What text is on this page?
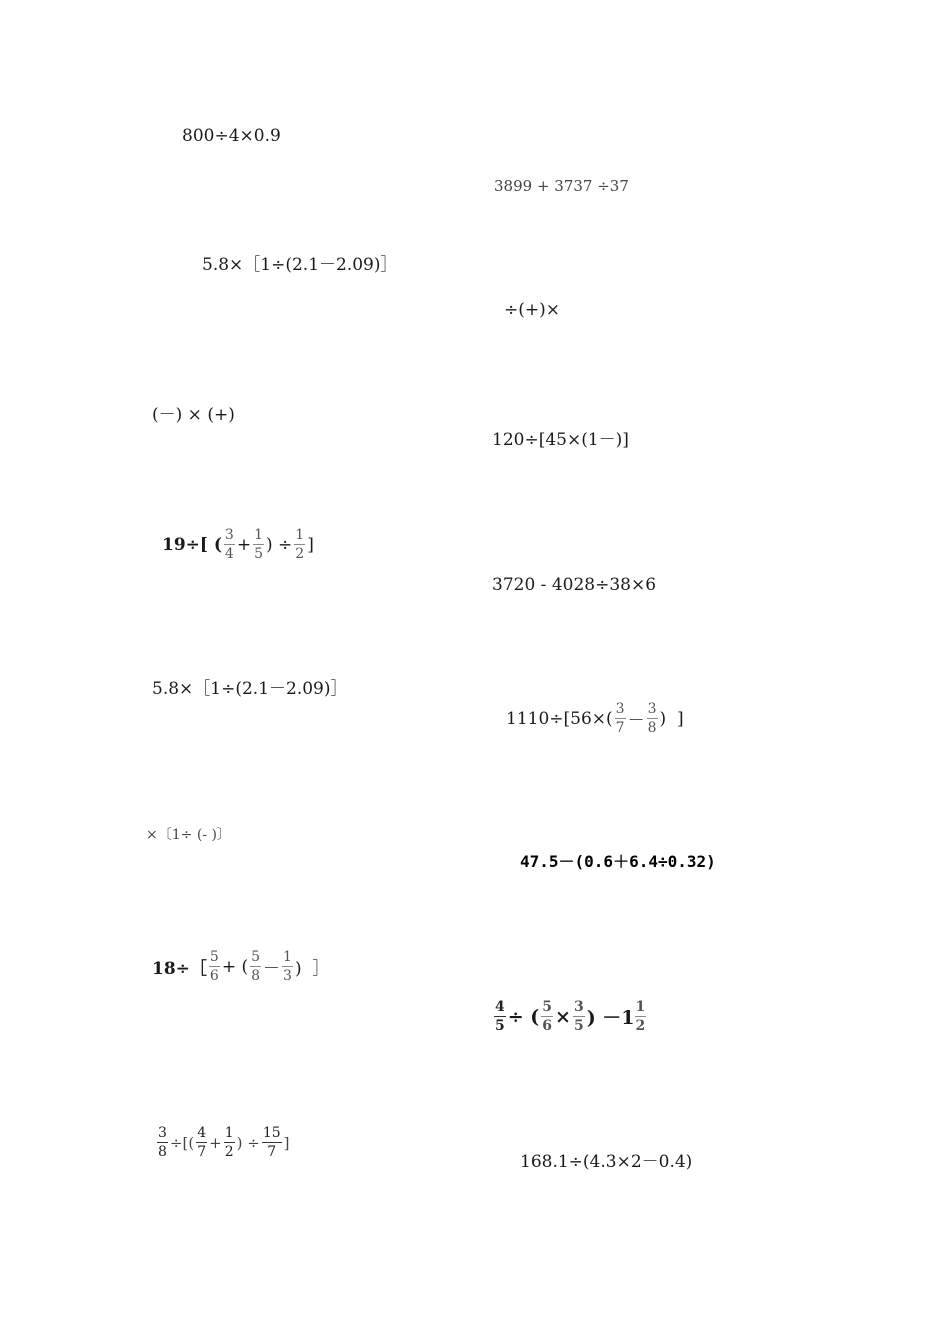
800÷4×0.9
3899 + 3737 ÷37
5.8×［1÷(2.1－2.09)］
÷(+)×
(－) × (+)
120÷[45×(1－)]
19÷[ ( $\frac{3}{4} + \frac{1}{5}$ ) ÷ $\frac{1}{2}$ ]
3720 - 4028÷38×6
5.8×［1÷(2.1－2.09)］
$1110\div[56\times( \frac{3}{7} - \frac{3}{8}$ )  ]
×〔1÷ (- )〕
47.5－(0.6＋6.4÷0.32)
18÷［ $\frac{5}{6}$ + ( $\frac{5}{8} - \frac{1}{3}$ )  ］
$\frac{4}{5}$ ÷ ( $\frac{5}{6} \times \frac{3}{5}$ ) $-1 \frac{1}{2}$
$\frac{3}{8}$ ÷[( $\frac{4}{7} + \frac{1}{2}$ ) ÷ $\frac{15}{7}$ ]
168.1÷(4.3×2－0.4)
